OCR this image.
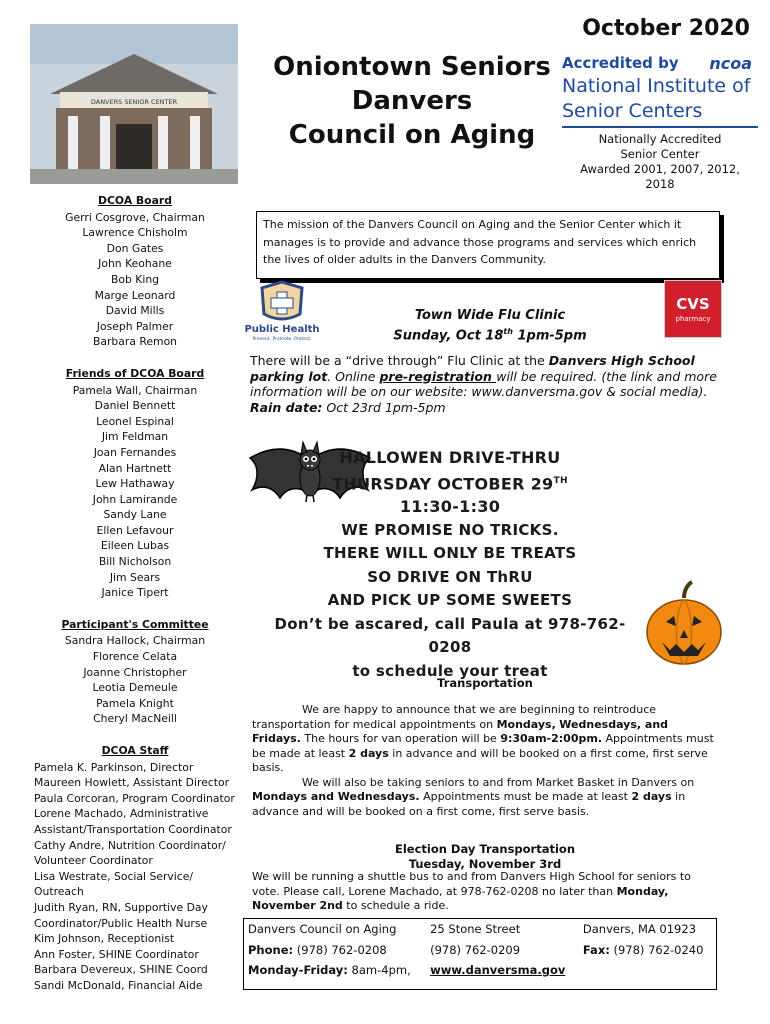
DANVERS SENIOR CENTER
October 2020
Oniontown Seniors
Danvers
Council on Aging
Accredited by	ncoa
National Institute of
Senior Centers
Nationally Accredited
Senior Center
Awarded 2001, 2007, 2012,
2018
DCOA Board
Gerri Cosgrove, Chairman
Lawrence Chisholm
Don Gates
John Keohane
Bob King
Marge Leonard
David Mills
Joseph Palmer
Barbara Remon
Friends of DCOA Board
Pamela Wall, Chairman
Daniel Bennett
Leonel Espinal
Jim Feldman
Joan Fernandes
Alan Hartnett
Lew Hathaway
John Lamirande
Sandy Lane
Ellen Lefavour
Eileen Lubas
Bill Nicholson
Jim Sears
Janice Tipert
Participant's Committee
Sandra Hallock, Chairman
Florence Celata
Joanne Christopher
Leotia Demeule
Pamela Knight
Cheryl MacNeill
DCOA Staff
Pamela K. Parkinson, Director
Maureen Howlett, Assistant Director
Paula Corcoran, Program Coordinator
Lorene Machado, Administrative
Assistant/Transportation Coordinator
Cathy Andre, Nutrition Coordinator/
Volunteer Coordinator
Lisa Westrate, Social Service/
Outreach
Judith Ryan, RN, Supportive Day
Coordinator/Public Health Nurse
Kim Johnson, Receptionist
Ann Foster, SHINE Coordinator
Barbara Devereux, SHINE Coord
Sandi McDonald, Financial Aide
The mission of the Danvers Council on Aging and the Senior Center which it manages is to provide and advance those programs and services which enrich the lives of older adults in the Danvers Community.
Public Health
Prevent. Promote. Protect.
CVS
pharmacy
Town Wide Flu Clinic
Sunday, Oct 18th 1pm-5pm
There will be a “drive through” Flu Clinic at the Danvers High School parking lot. Online pre-registration will be required. (the link and more information will be on our website: www.danversma.gov & social media).
Rain date: Oct 23rd 1pm-5pm
HALLOWEN DRIVE-THRU
THURSDAY OCTOBER 29TH
11:30-1:30
WE PROMISE NO TRICKS.
THERE WILL ONLY BE TREATS
SO DRIVE ON ThRU
AND PICK UP SOME SWEETS
Don’t be ascared, call Paula at 978-762-0208
to schedule your treat
Transportation
We are happy to announce that we are beginning to reintroduce transportation for medical appointments on Mondays, Wednesdays, and Fridays. The hours for van operation will be 9:30am-2:00pm. Appointments must be made at least 2 days in advance and will be booked on a first come, first serve basis.
We will also be taking seniors to and from Market Basket in Danvers on Mondays and Wednesdays. Appointments must be made at least 2 days in advance and will be booked on a first come, first serve basis.
Election Day Transportation
Tuesday, November 3rd
We will be running a shuttle bus to and from Danvers High School for seniors to vote. Please call, Lorene Machado, at 978-762-0208 no later than Monday, November 2nd to schedule a ride.
Danvers Council on Aging	25 Stone Street	Danvers, MA 01923
Phone: (978) 762-0208	(978) 762-0209	Fax: (978) 762-0240
Monday-Friday: 8am-4pm,	www.danversma.gov	
